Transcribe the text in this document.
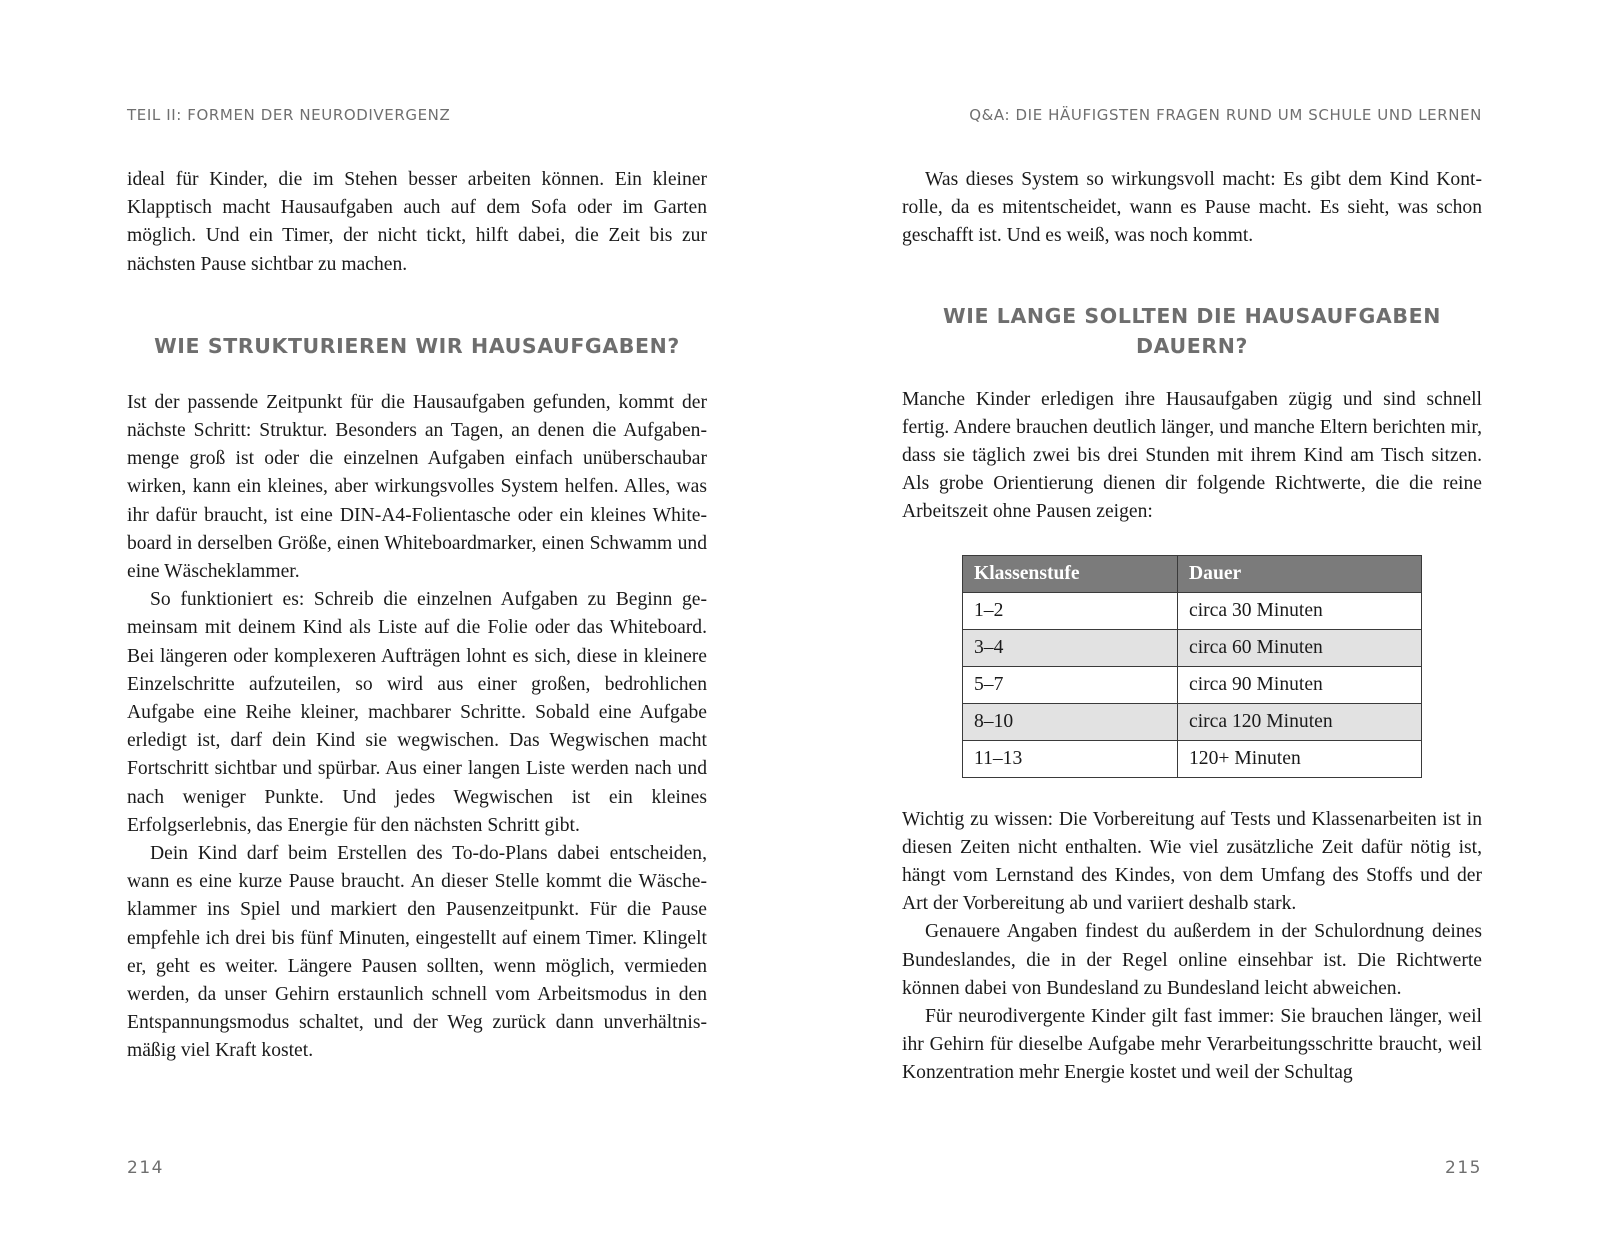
TEIL II: FORMEN DER NEURODIVERGENZ

ideal für Kinder, die im Stehen besser arbeiten können. Ein kleiner Klapptisch macht Hausaufgaben auch auf dem Sofa oder im Garten möglich. Und ein Timer, der nicht tickt, hilft dabei, die Zeit bis zur nächsten Pause sichtbar zu machen.

WIE STRUKTURIEREN WIR HAUSAUFGABEN?

Ist der passende Zeitpunkt für die Hausaufgaben gefunden, kommt der nächste Schritt: Struktur. Besonders an Tagen, an denen die Aufgabenmenge groß ist oder die einzelnen Aufgaben einfach unüberschaubar wirken, kann ein kleines, aber wirkungsvolles System helfen. Alles, was ihr dafür braucht, ist eine DIN-A4-Folientasche oder ein kleines Whiteboard in derselben Größe, einen Whiteboardmarker, einen Schwamm und eine Wäscheklammer.

So funktioniert es: Schreib die einzelnen Aufgaben zu Beginn gemeinsam mit deinem Kind als Liste auf die Folie oder das Whiteboard. Bei längeren oder komplexeren Aufträgen lohnt es sich, diese in kleinere Einzelschritte aufzuteilen, so wird aus einer großen, bedrohlichen Aufgabe eine Reihe kleiner, machbarer Schritte. Sobald eine Aufgabe erledigt ist, darf dein Kind sie wegwischen. Das Wegwischen macht Fortschritt sichtbar und spürbar. Aus einer langen Liste werden nach und nach weniger Punkte. Und jedes Wegwischen ist ein kleines Erfolgserlebnis, das Energie für den nächsten Schritt gibt.

Dein Kind darf beim Erstellen des To-do-Plans dabei entscheiden, wann es eine kurze Pause braucht. An dieser Stelle kommt die Wäscheklammer ins Spiel und markiert den Pausenzeitpunkt. Für die Pause empfehle ich drei bis fünf Minuten, eingestellt auf einem Timer. Klingelt er, geht es weiter. Längere Pausen sollten, wenn möglich, vermieden werden, da unser Gehirn erstaunlich schnell vom Arbeitsmodus in den Entspannungsmodus schaltet, und der Weg zurück dann unverhältnismäßig viel Kraft kostet.

214
Q&A: DIE HÄUFIGSTEN FRAGEN RUND UM SCHULE UND LERNEN

Was dieses System so wirkungsvoll macht: Es gibt dem Kind Kontrolle, da es mitentscheidet, wann es Pause macht. Es sieht, was schon geschafft ist. Und es weiß, was noch kommt.

WIE LANGE SOLLTEN DIE HAUSAUFGABEN
DAUERN?

Manche Kinder erledigen ihre Hausaufgaben zügig und sind schnell fertig. Andere brauchen deutlich länger, und manche Eltern berichten mir, dass sie täglich zwei bis drei Stunden mit ihrem Kind am Tisch sitzen. Als grobe Orientierung dienen dir folgende Richtwerte, die die reine Arbeitszeit ohne Pausen zeigen:

Klassenstufe	Dauer
1–2	circa 30 Minuten
3–4	circa 60 Minuten
5–7	circa 90 Minuten
8–10	circa 120 Minuten
11–13	120+ Minuten

Wichtig zu wissen: Die Vorbereitung auf Tests und Klassenarbeiten ist in diesen Zeiten nicht enthalten. Wie viel zusätzliche Zeit dafür nötig ist, hängt vom Lernstand des Kindes, von dem Umfang des Stoffs und der Art der Vorbereitung ab und variiert deshalb stark.

Genauere Angaben findest du außerdem in der Schulordnung deines Bundeslandes, die in der Regel online einsehbar ist. Die Richtwerte können dabei von Bundesland zu Bundesland leicht abweichen.

Für neurodivergente Kinder gilt fast immer: Sie brauchen länger, weil ihr Gehirn für dieselbe Aufgabe mehr Verarbeitungsschritte braucht, weil Konzentration mehr Energie kostet und weil der Schultag

215
